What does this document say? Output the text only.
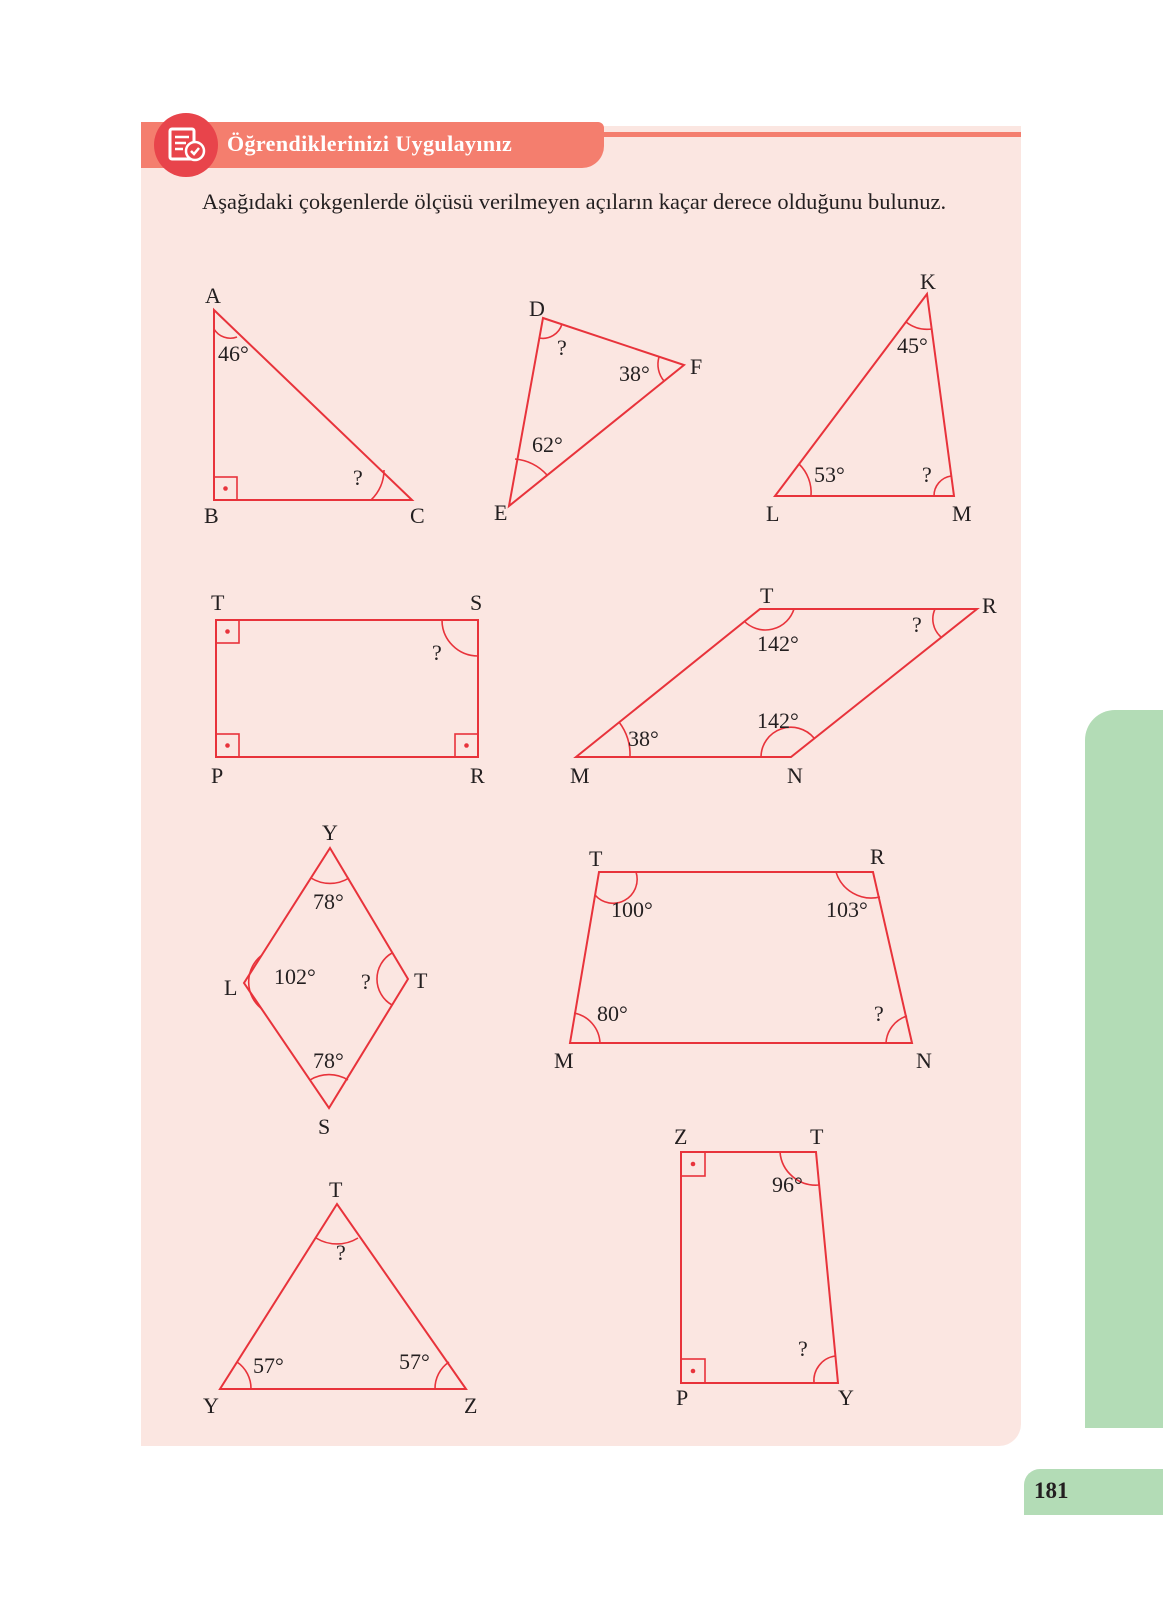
Öğrendiklerinizi Uygulayınız
Aşağıdaki çokgenlerde ölçüsü verilmeyen açıların kaçar derece olduğunu bulunuz.
A
B	C
46°
?
D
F
E
?
38°
62°
K
L	M
45°
53°	?
T	S
P	R
?
T	R
M	N
142°
?
38°
142°
Y
L	T
S
78°
102° ?
78°
T	R
M	N
100°	103°
80°	?
Z	T
P	Y
96°
?
T
Y	Z
?
57°	57°
181
